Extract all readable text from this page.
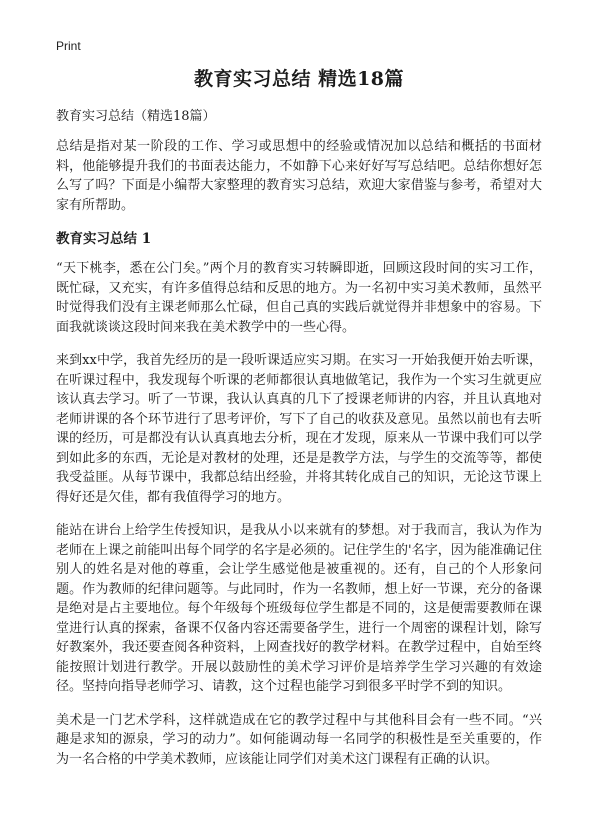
Print
教育实习总结 精选18篇
教育实习总结（精选18篇）

总结是指对某一阶段的工作、学习或思想中的经验或情况加以总结和概括的书面材料，他能够提升我们的书面表达能力，不如静下心来好好写写总结吧。总结你想好怎么写了吗？下面是小编帮大家整理的教育实习总结，欢迎大家借鉴与参考，希望对大家有所帮助。

教育实习总结 1

“天下桃李，悉在公门矣。”两个月的教育实习转瞬即逝，回顾这段时间的实习工作，既忙碌，又充实，有许多值得总结和反思的地方。为一名初中实习美术教师，虽然平时觉得我们没有主课老师那么忙碌，但自己真的实践后就觉得并非想象中的容易。下面我就谈谈这段时间来我在美术教学中的一些心得。

来到xx中学，我首先经历的是一段听课适应实习期。在实习一开始我便开始去听课，在听课过程中，我发现每个听课的老师都很认真地做笔记，我作为一个实习生就更应该认真去学习。听了一节课，我认认真真的几下了授课老师讲的内容，并且认真地对老师讲课的各个环节进行了思考评价，写下了自己的收获及意见。虽然以前也有去听课的经历，可是都没有认认真真地去分析，现在才发现，原来从一节课中我们可以学到如此多的东西，无论是对教材的处理，还是是教学方法，与学生的交流等等，都使我受益匪。从每节课中，我都总结出经验，并将其转化成自己的知识，无论这节课上得好还是欠佳，都有我值得学习的地方。

能站在讲台上给学生传授知识，是我从小以来就有的梦想。对于我而言，我认为作为老师在上课之前能叫出每个同学的名字是必须的。记住学生的'名字，因为能准确记住别人的姓名是对他的尊重，会让学生感觉他是被重视的。还有，自己的个人形象问题。作为教师的纪律问题等。与此同时，作为一名教师，想上好一节课，充分的备课是绝对是占主要地位。每个年级每个班级每位学生都是不同的，这是便需要教师在课堂进行认真的探索，备课不仅备内容还需要备学生，进行一个周密的课程计划，除写好教案外，我还要查阅各种资料，上网查找好的教学材料。在教学过程中，自始至终能按照计划进行教学。开展以鼓励性的美术学习评价是培养学生学习兴趣的有效途径。坚持向指导老师学习、请教，这个过程也能学习到很多平时学不到的知识。

美术是一门艺术学科，这样就造成在它的教学过程中与其他科目会有一些不同。“兴趣是求知的源泉，学习的动力”。如何能调动每一名同学的积极性是至关重要的，作为一名合格的中学美术教师，应该能让同学们对美术这门课程有正确的认识。
